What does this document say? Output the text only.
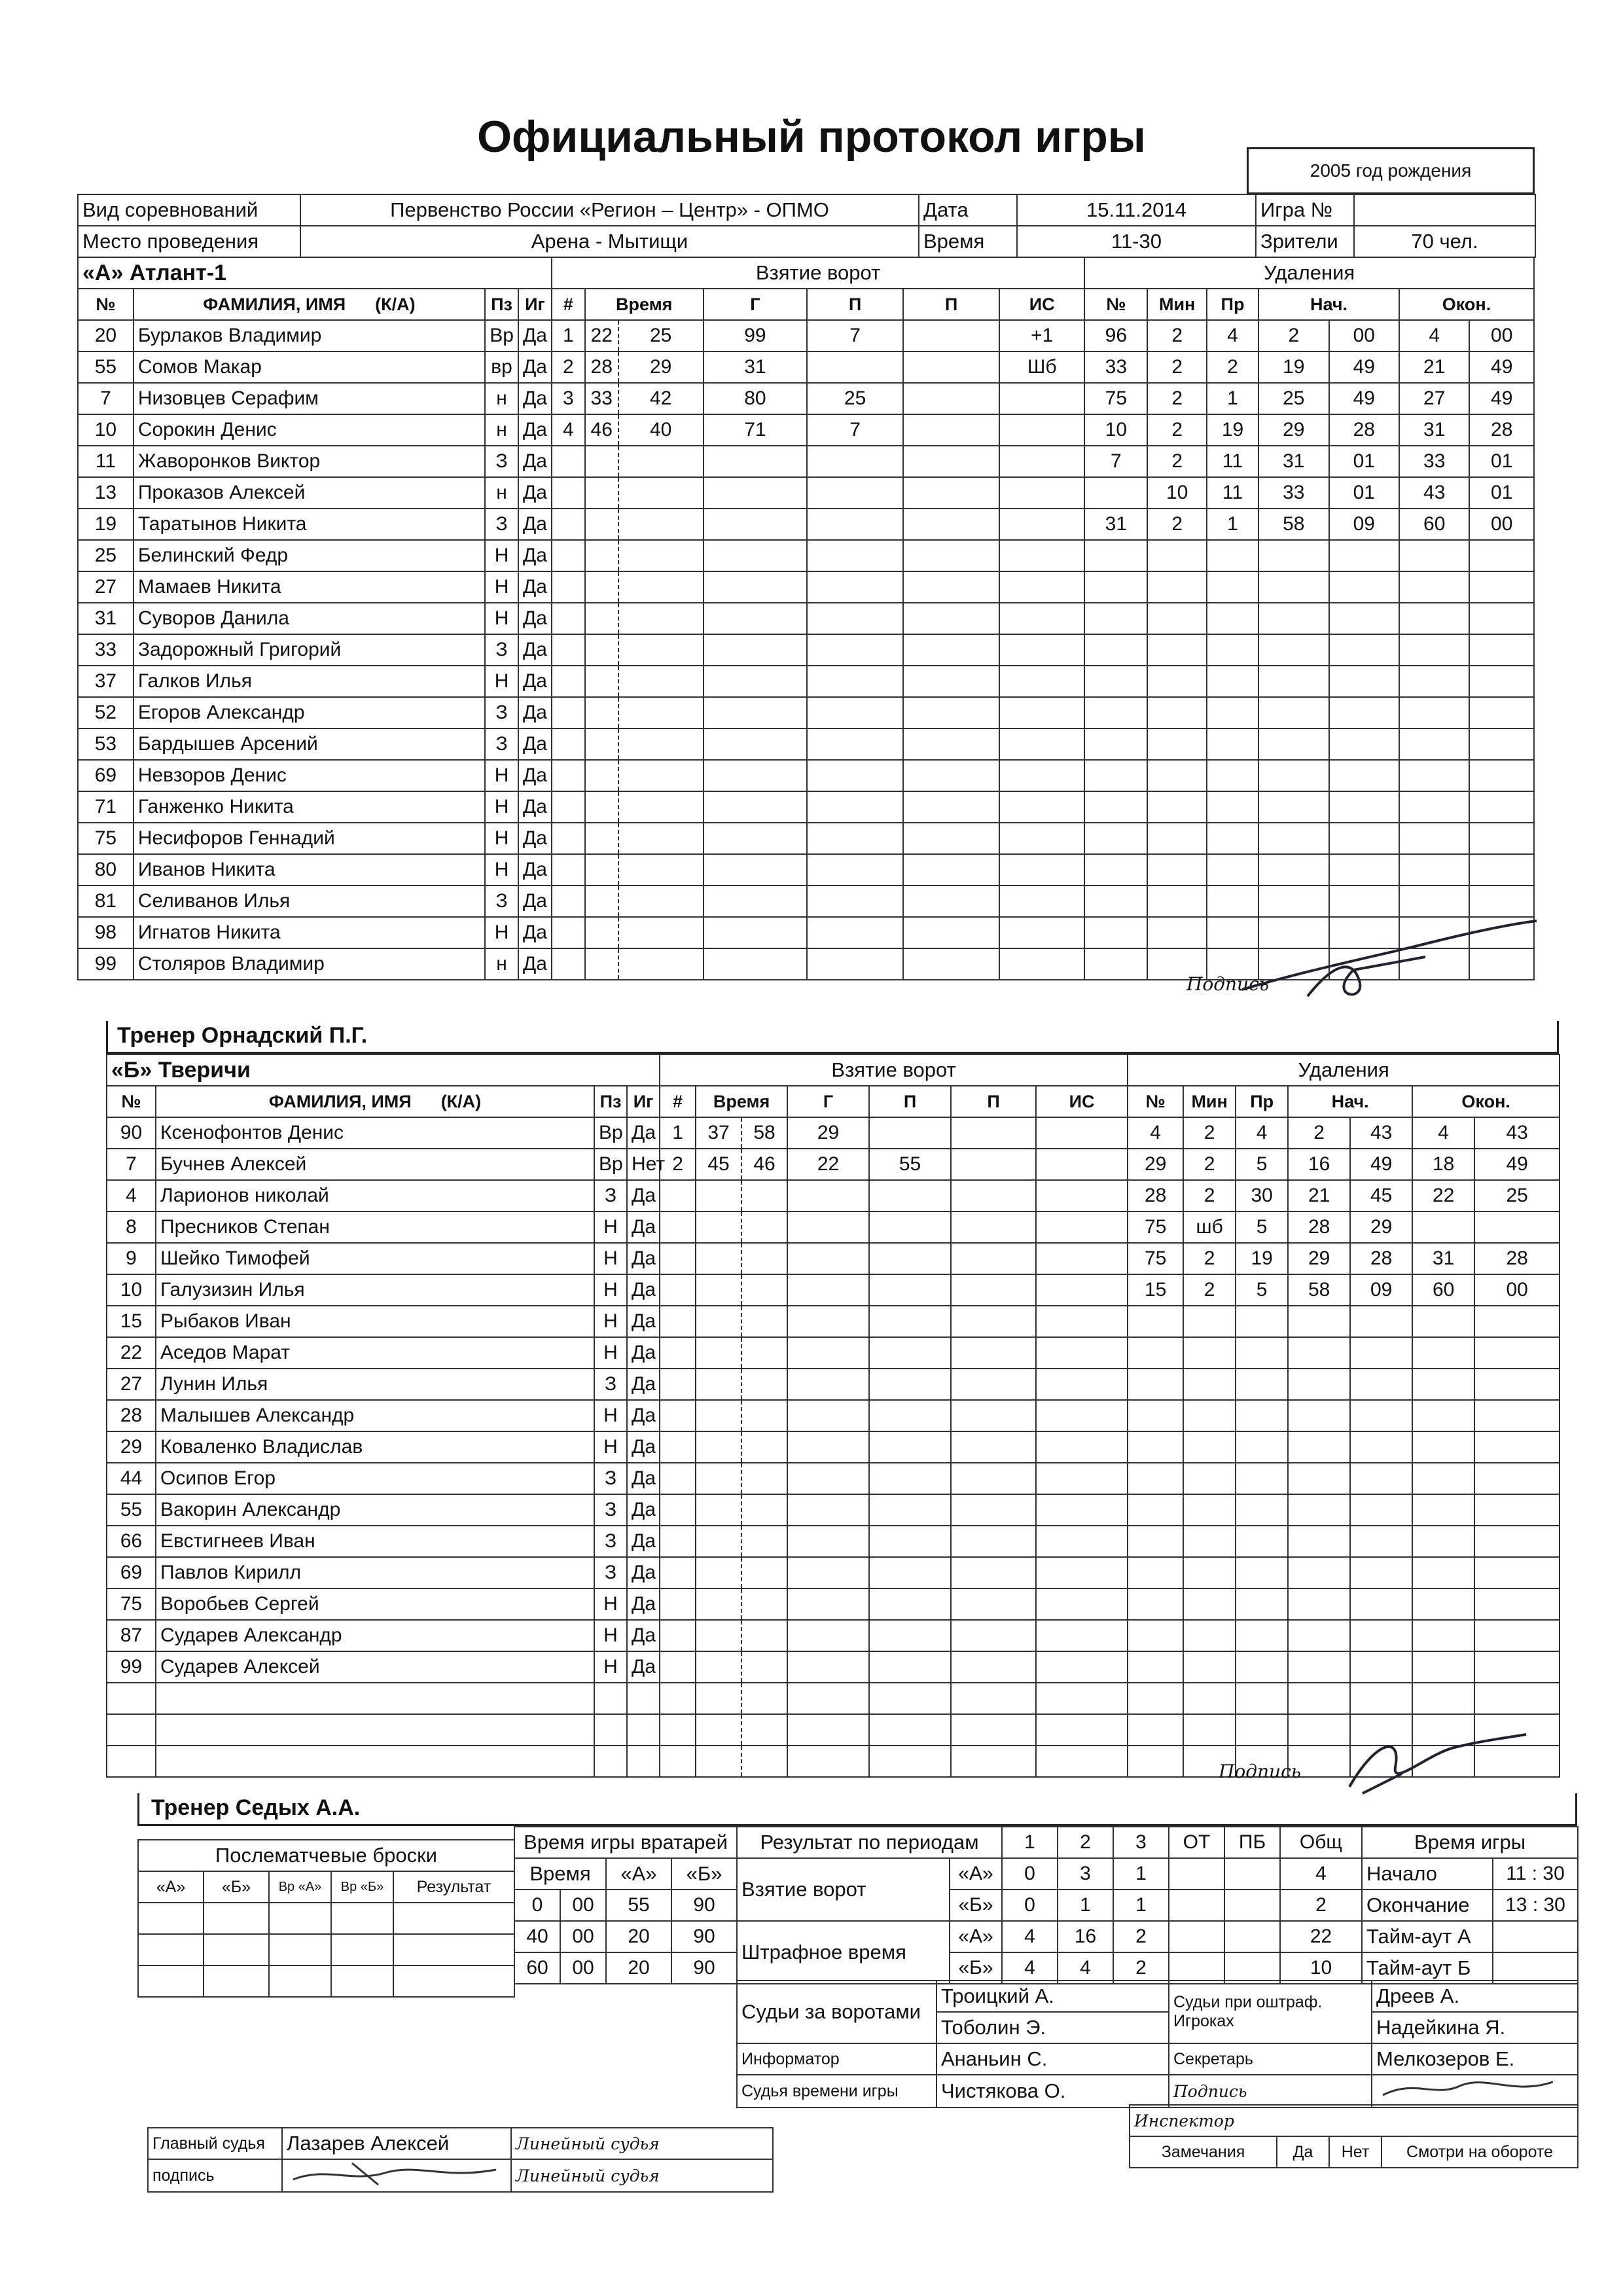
Официальный протокол игры
2005 год рождения
Вид соревнований	Первенство России «Регион – Центр» - ОПМО	Дата	15.11.2014	Игра №	
Место проведения	Арена - Мытищи	Время	11-30	Зрители	70 чел.
«А» Атлант-1				Взятие ворот							Удаления						
№	ФАМИЛИЯ, ИМЯ (К/А)	Пз	Иг	#	Время		Г	П	П	ИС	№	Мин	Пр	Нач.		Окон.	
20	Бурлаков Владимир	Вр	Да	1	22	25	99	7		+1	96	2	4	2	00	4	00
55	Сомов Макар	вр	Да	2	28	29	31			Шб	33	2	2	19	49	21	49
7	Низовцев Серафим	н	Да	3	33	42	80	25			75	2	1	25	49	27	49
10	Сорокин Денис	н	Да	4	46	40	71	7			10	2	19	29	28	31	28
11	Жаворонков Виктор	З	Да								7	2	11	31	01	33	01
13	Проказов Алексей	н	Да									10	11	33	01	43	01
19	Таратынов Никита	З	Да								31	2	1	58	09	60	00
25	Белинский Федр	Н	Да														
27	Мамаев Никита	Н	Да														
31	Суворов Данила	Н	Да														
33	Задорожный Григорий	З	Да														
37	Галков Илья	Н	Да														
52	Егоров Александр	З	Да														
53	Бардышев Арсений	З	Да														
69	Невзоров Денис	Н	Да														
71	Ганженко Никита	Н	Да														
75	Несифоров Геннадий	Н	Да														
80	Иванов Никита	Н	Да														
81	Селиванов Илья	З	Да														
98	Игнатов Никита	Н	Да														
99	Столяров Владимир	н	Да														
Подпись
Тренер Орнадский П.Г.
«Б» Тверичи				Взятие ворот							Удаления						
№	ФАМИЛИЯ, ИМЯ (К/А)	Пз	Иг	#	Время		Г	П	П	ИС	№	Мин	Пр	Нач.		Окон.	
90	Ксенофонтов Денис	Вр	Да	1	37	58	29				4	2	4	2	43	4	43
7	Бучнев Алексей	Вр	Нет	2	45	46	22	55			29	2	5	16	49	18	49
4	Ларионов николай	З	Да								28	2	30	21	45	22	25
8	Пресников Степан	Н	Да								75	шб	5	28	29		
9	Шейко Тимофей	Н	Да								75	2	19	29	28	31	28
10	Галузизин Илья	Н	Да								15	2	5	58	09	60	00
15	Рыбаков Иван	Н	Да														
22	Аседов Марат	Н	Да														
27	Лунин Илья	З	Да														
28	Малышев Александр	Н	Да														
29	Коваленко Владислав	Н	Да														
44	Осипов Егор	З	Да														
55	Вакорин Александр	З	Да														
66	Евстигнеев Иван	З	Да														
69	Павлов Кирилл	З	Да														
75	Воробьев Сергей	Н	Да														
87	Сударев Александр	Н	Да														
99	Сударев Алексей	Н	Да														

Подпись
Тренер Седых А.А.
Послематчевые броски				
«А»	«Б»	Вр «А»	Вр «Б»	Результат

Время игры вратарей			
Время		«А»	«Б»
0	00	55	90
40	00	20	90
60	00	20	90
Результат по периодам		1	2	3	ОТ	ПБ	Общ
Взятие ворот	«А»	0	3	1			4
	«Б»	0	1	1			2
Штрафное время	«А»	4	16	2			22
	«Б»	4	4	2			10
Время игры	
Начало	11 : 30
Окончание	13 : 30
Тайм-аут А	
Тайм-аут Б	
Судьи за воротами	Троицкий А.	Судьи при оштраф. Игроках	Дреев А.
	Тоболин Э.		Надейкина Я.
Информатор	Ананьин С.	Секретарь	Мелкозеров Е.
Судья времени игры	Чистякова О.	Подпись	
Инспектор
Замечания	Да	Нет	Смотри на обороте
Главный судья	Лазарев Алексей	Линейный судья
подпись		Линейный судья
